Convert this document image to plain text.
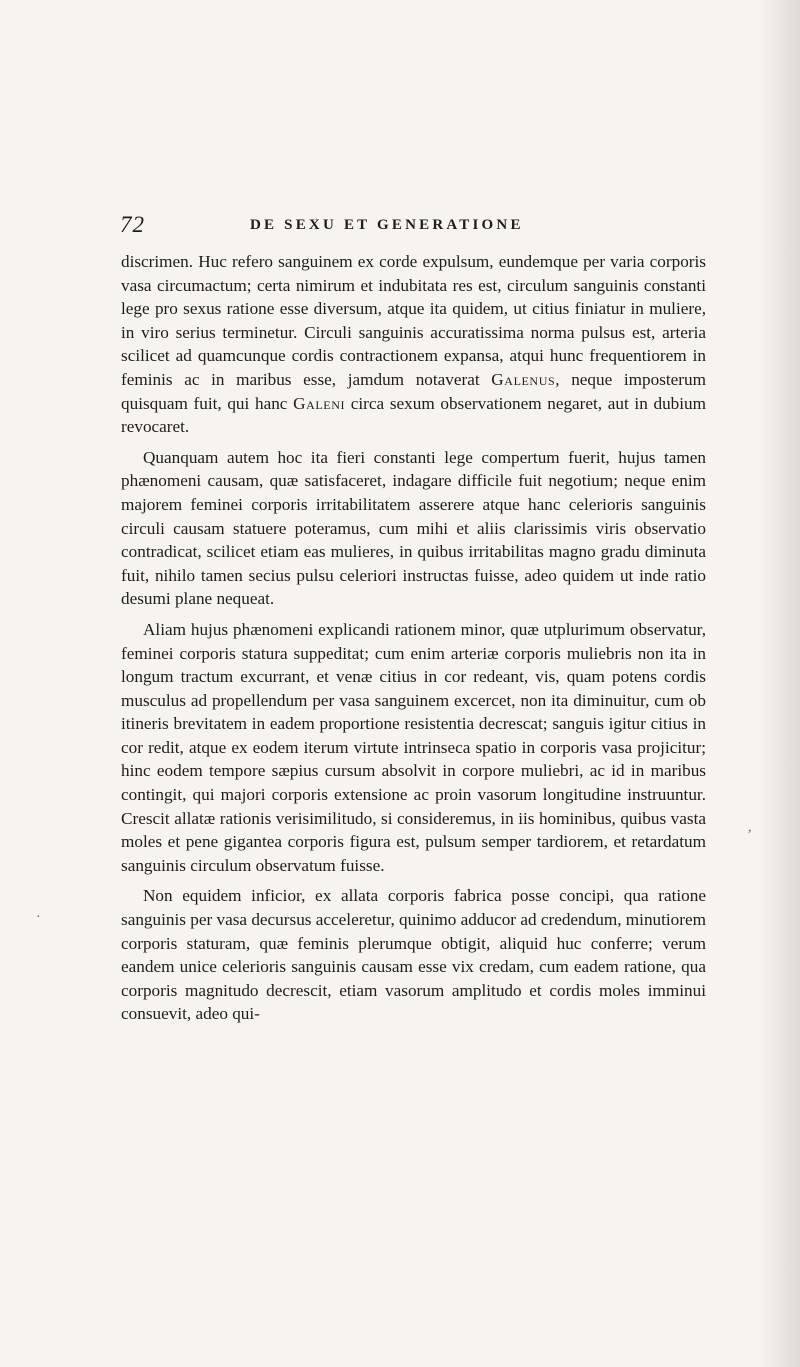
72	DE SEXU ET GENERATIONE

discrimen. Huc refero sanguinem ex corde expulsum, eundemque per varia corporis vasa circumactum; certa nimirum et indubitata res est, circulum sanguinis constanti lege pro sexus ratione esse diversum, atque ita quidem, ut citius finiatur in muliere, in viro serius terminetur. Circuli sanguinis accuratissima norma pulsus est, arteria scilicet ad quamcunque cordis contractionem expansa, atqui hunc frequentiorem in feminis ac in maribus esse, jamdum notaverat Galenus, neque imposterum quisquam fuit, qui hanc Galeni circa sexum observationem negaret, aut in dubium revocaret.

Quanquam autem hoc ita fieri constanti lege compertum fuerit, hujus tamen phænomeni causam, quæ satisfaceret, indagare difficile fuit negotium; neque enim majorem feminei corporis irritabilitatem asserere atque hanc celerioris sanguinis circuli causam statuere poteramus, cum mihi et aliis clarissimis viris observatio contradicat, scilicet etiam eas mulieres, in quibus irritabilitas magno gradu diminuta fuit, nihilo tamen secius pulsu celeriori instructas fuisse, adeo quidem ut inde ratio desumi plane nequeat.

Aliam hujus phænomeni explicandi rationem minor, quæ utplurimum observatur, feminei corporis statura suppeditat; cum enim arteriæ corporis muliebris non ita in longum tractum excurrant, et venæ citius in cor redeant, vis, quam potens cordis musculus ad propellendum per vasa sanguinem excercet, non ita diminuitur, cum ob itineris brevitatem in eadem proportione resistentia decrescat; sanguis igitur citius in cor redit, atque ex eodem iterum virtute intrinseca spatio in corporis vasa projicitur; hinc eodem tempore sæpius cursum absolvit in corpore muliebri, ac id in maribus contingit, qui majori corporis extensione ac proin vasorum longitudine instruuntur. Crescit allatæ rationis verisimilitudo, si consideremus, in iis hominibus, quibus vasta moles et pene gigantea corporis figura est, pulsum semper tardiorem, et retardatum sanguinis circulum observatum fuisse.

Non equidem inficior, ex allata corporis fabrica posse concipi, qua ratione sanguinis per vasa decursus acceleretur, quinimo adducor ad credendum, minutiorem corporis staturam, quæ feminis plerumque obtigit, aliquid huc conferre; verum eandem unice celerioris sanguinis causam esse vix credam, cum eadem ratione, qua corporis magnitudo decrescit, etiam vasorum amplitudo et cordis moles imminui consuevit, adeo qui-

·
,
